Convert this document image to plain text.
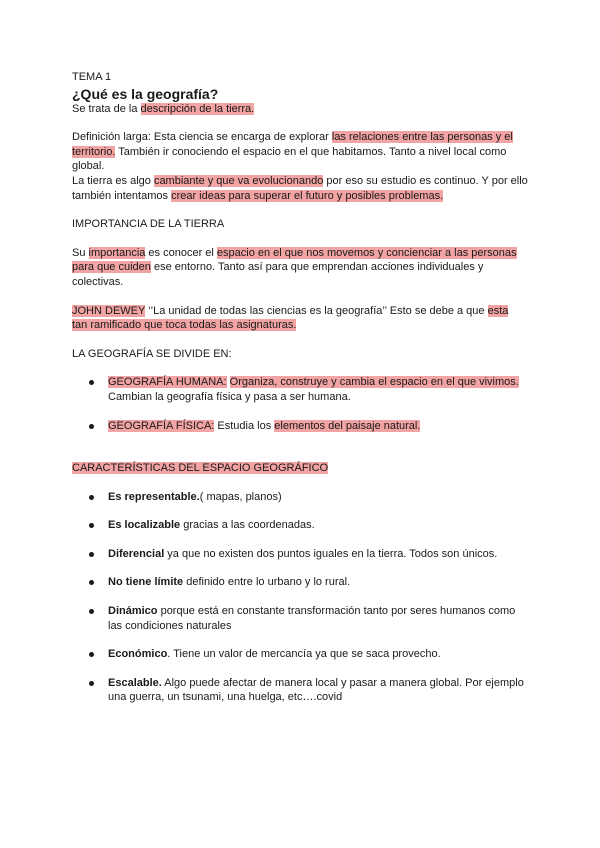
TEMA 1
¿Qué es la geografía?

Se trata de la descripción de la tierra.

Definición larga: Esta ciencia se encarga de explorar las relaciones entre las personas y el
territorio. También ir conociendo el espacio en el que habitamos. Tanto a nivel local como global.
La tierra es algo cambiante y que va evolucionando por eso su estudio es continuo. Y por ello también intentamos crear ideas para superar el futuro y posibles problemas.

IMPORTANCIA DE LA TIERRA

Su importancia es conocer el espacio en el que nos movemos y concienciar a las personas
para que cuiden ese entorno. Tanto así para que emprendan acciones individuales y colectivas.

JOHN DEWEY ‘’La unidad de todas las ciencias es la geografía’’ Esto se debe a que esta
tan ramificado que toca todas las asignaturas.

LA GEOGRAFÍA SE DIVIDE EN:

GEOGRAFÍA HUMANA: Organiza, construye y cambia el espacio en el que vivimos.
Cambian la geografía física y pasa a ser humana.
GEOGRAFÍA FÍSICA: Estudia los elementos del paisaje natural.

CARACTERÍSTICAS DEL ESPACIO GEOGRÁFICO

Es representable.( mapas, planos)
Es localizable gracias a las coordenadas.
Diferencial ya que no existen dos puntos iguales en la tierra. Todos son únicos.
No tiene límite definido entre lo urbano y lo rural.
Dinámico porque está en constante transformación tanto por seres humanos como las condiciones naturales
Económico. Tiene un valor de mercancía ya que se saca provecho.
Escalable. Algo puede afectar de manera local y pasar a manera global. Por ejemplo una guerra, un tsunami, una huelga, etc….covid
